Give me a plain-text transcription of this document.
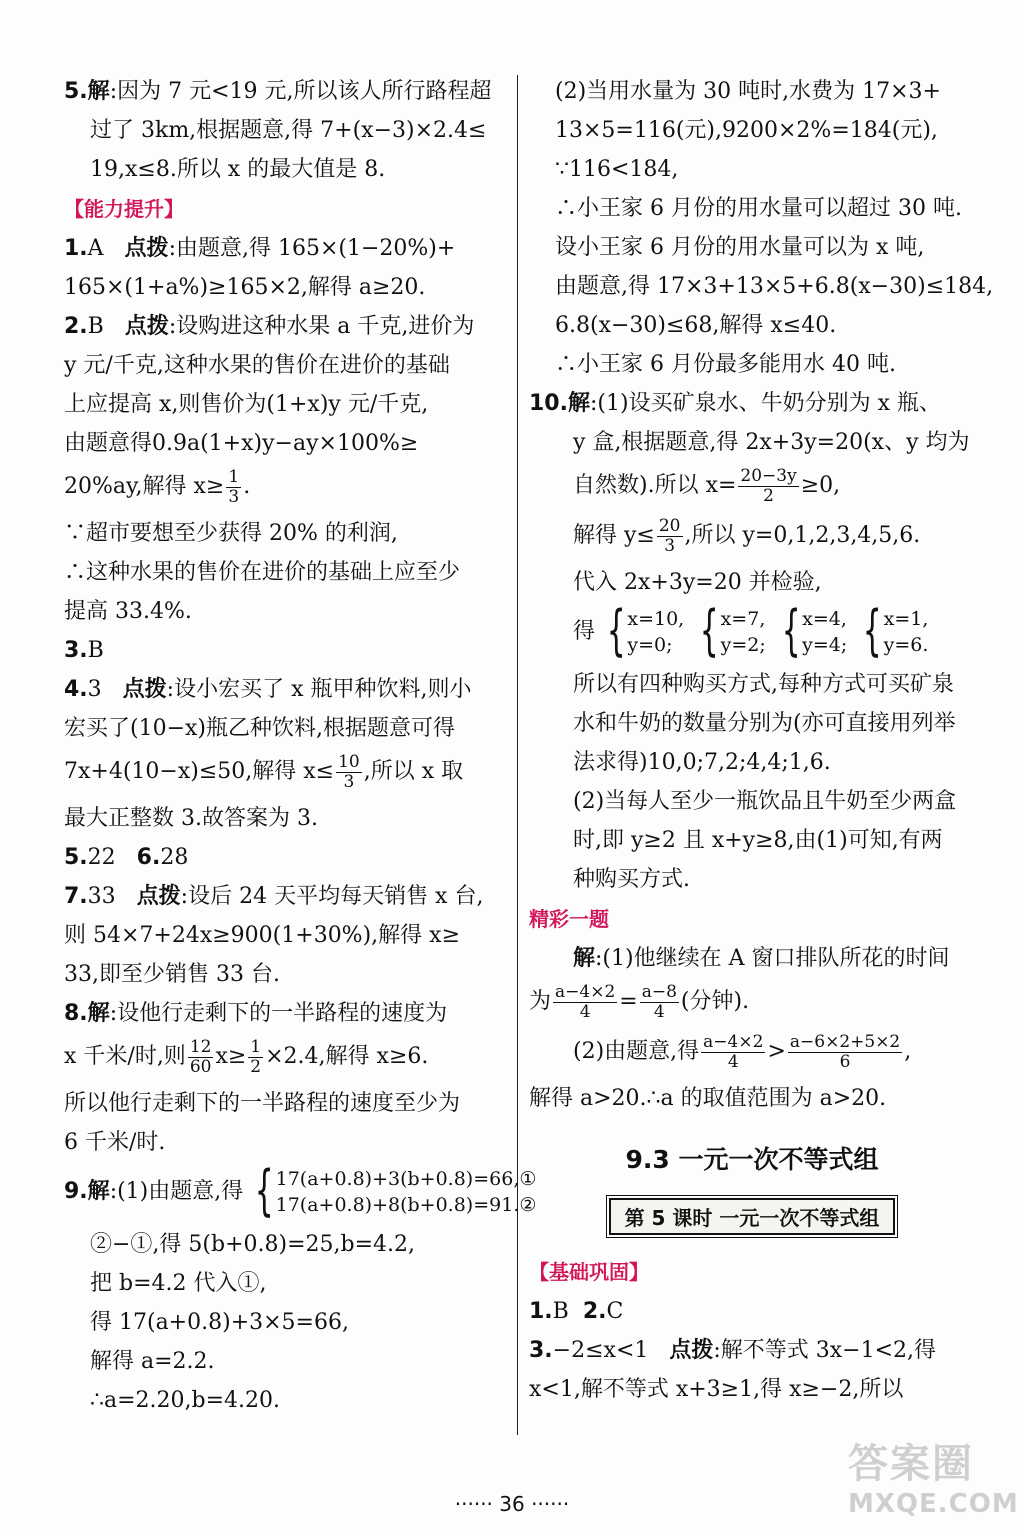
5.解:因为 7 元<19 元,所以该人所行路程超
过了 3km,根据题意,得 7+(x−3)×2.4≤
19,x≤8.所以 x 的最大值是 8.
【能力提升】
1.A 点拨:由题意,得 165×(1−20%)+
165×(1+a%)≥165×2,解得 a≥20.
2.B 点拨:设购进这种水果 a 千克,进价为
y 元/千克,这种水果的售价在进价的基础
上应提高 x,则售价为(1+x)y 元/千克,
由题意得0.9a(1+x)y−ay×100%≥
20%ay,解得 $x\ge \frac{1}{3}$ .
∵超市要想至少获得 20% 的利润,
∴这种水果的售价在进价的基础上应至少
提高 33.4%.
3.B
4.3 点拨:设小宏买了 x 瓶甲种饮料,则小
宏买了(10−x)瓶乙种饮料,根据题意可得
7x+4(10−x)≤50,解得 $x\le \frac{10}{3}$ ,所以 x 取
最大正整数 3.故答案为 3.
5.22 6.28
7.33 点拨:设后 24 天平均每天销售 x 台,
则 54×7+24x≥900(1+30%),解得 x≥
33,即至少销售 33 台.
8.解:设他行走剩下的一半路程的速度为
x 千米/时,则 $\frac{12}{60} x\ge \frac{1}{2} \times 2.4$,解得 x≥6.
所以他行走剩下的一半路程的速度至少为
6 千米/时.
9.解:(1)由题意,得 { 17(a+0.8)+3(b+0.8)=66,①
17(a+0.8)+8(b+0.8)=91.②
②−①,得 5(b+0.8)=25,b=4.2,
把 b=4.2 代入①,
得 17(a+0.8)+3×5=66,
解得 a=2.2.
∴a=2.20,b=4.20.
(2)当用水量为 30 吨时,水费为 17×3+
13×5=116(元),9200×2%=184(元),
∵116<184,
∴小王家 6 月份的用水量可以超过 30 吨.
设小王家 6 月份的用水量可以为 x 吨,
由题意,得 17×3+13×5+6.8(x−30)≤184,
6.8(x−30)≤68,解得 x≤40.
∴小王家 6 月份最多能用水 40 吨.
10.解:(1)设买矿泉水、牛奶分别为 x 瓶、
y 盒,根据题意,得 2x+3y=20(x、y 均为
自然数).所以 $x= \frac{20-3y}{2} \ge 0$,
解得 $y\le \frac{20}{3}$ ,所以 y=0,1,2,3,4,5,6.
代入 2x+3y=20 并检验,
得 { x=10,
y=0; { x=7,
y=2; { x=4,
y=4; { x=1,
y=6.
所以有四种购买方式,每种方式可买矿泉
水和牛奶的数量分别为(亦可直接用列举
法求得)10,0;7,2;4,4;1,6.
(2)当每人至少一瓶饮品且牛奶至少两盒
时,即 y≥2 且 x+y≥8,由(1)可知,有两
种购买方式.
精彩一题
解:(1)他继续在 A 窗口排队所花的时间
为 $\frac{a-4\times 2}{4} = \frac{a-8}{4}$ (分钟).
(2)由题意,得 $\frac{a-4\times 2}{4} > \frac{a-6\times 2+5\times 2}{6}$ ,
解得 a>20.∴a 的取值范围为 a>20.
9.3 一元一次不等式组
第 5 课时 一元一次不等式组
【基础巩固】
1.B 2.C
3.−2≤x<1 点拨:解不等式 3x−1<2,得
x<1,解不等式 x+3≥1,得 x≥−2,所以
······ 36 ······
答案圈
MXQE.COM
